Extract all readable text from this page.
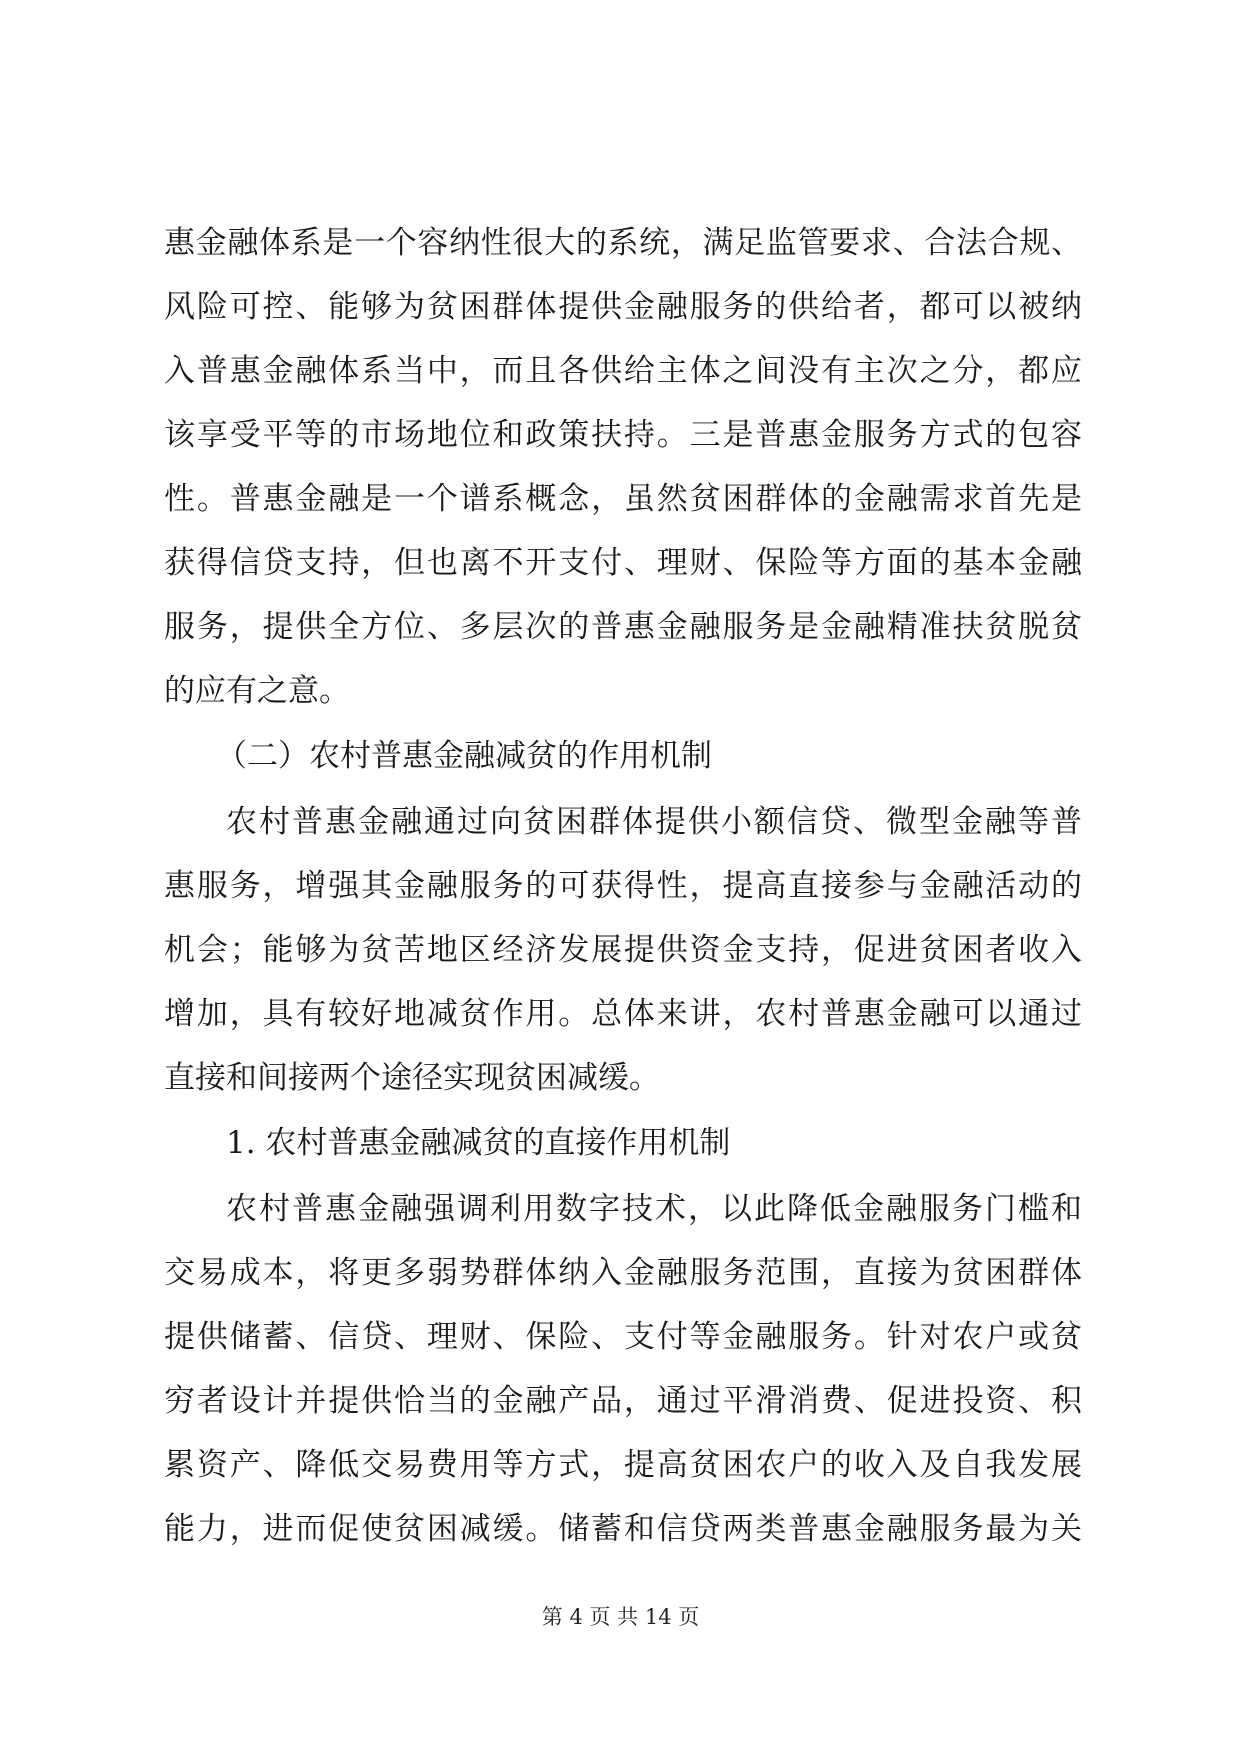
惠金融体系是一个容纳性很大的系统，满足监管要求、合法合规、
风险可控、能够为贫困群体提供金融服务的供给者，都可以被纳
入普惠金融体系当中，而且各供给主体之间没有主次之分，都应
该享受平等的市场地位和政策扶持。三是普惠金服务方式的包容
性。普惠金融是一个谱系概念，虽然贫困群体的金融需求首先是
获得信贷支持，但也离不开支付、理财、保险等方面的基本金融
服务，提供全方位、多层次的普惠金融服务是金融精准扶贫脱贫
的应有之意。
（二）农村普惠金融减贫的作用机制
农村普惠金融通过向贫困群体提供小额信贷、微型金融等普
惠服务，增强其金融服务的可获得性，提高直接参与金融活动的
机会；能够为贫苦地区经济发展提供资金支持，促进贫困者收入
增加，具有较好地减贫作用。总体来讲，农村普惠金融可以通过
直接和间接两个途径实现贫困减缓。
1. 农村普惠金融减贫的直接作用机制
农村普惠金融强调利用数字技术，以此降低金融服务门槛和
交易成本，将更多弱势群体纳入金融服务范围，直接为贫困群体
提供储蓄、信贷、理财、保险、支付等金融服务。针对农户或贫
穷者设计并提供恰当的金融产品，通过平滑消费、促进投资、积
累资产、降低交易费用等方式，提高贫困农户的收入及自我发展
能力，进而促使贫困减缓。储蓄和信贷两类普惠金融服务最为关
第 4 页 共 14 页
